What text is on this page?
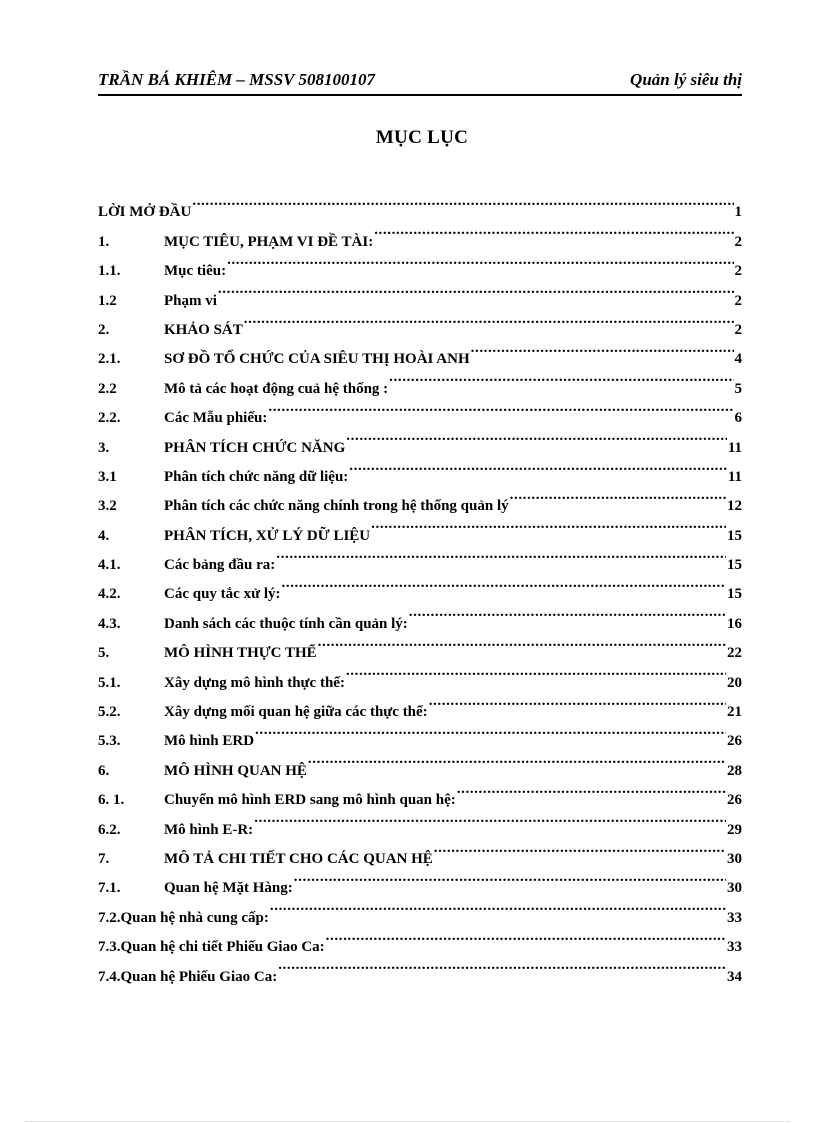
TRẦN BÁ KHIÊM – MSSV 508100107	Quản lý siêu thị
MỤC LỤC
LỜI MỞ ĐẦU .....	1
1.	MỤC TIÊU, PHẠM VI ĐỀ TÀI: .....	2
1.1.	Mục tiêu: .....	2
1.2	Phạm vi .....	2
2.	KHẢO SÁT .....	2
2.1.	SƠ ĐỒ TỔ CHỨC CỦA SIÊU THỊ HOÀI ANH .....	4
2.2	Mô tả các hoạt động cuả hệ thống : .....	5
2.2.	Các Mẫu phiếu: .....	6
3.	PHÂN TÍCH CHỨC NĂNG .....	11
3.1	Phân tích chức năng dữ liệu: .....	11
3.2	Phân tích các chức năng chính trong hệ thống quản lý .....	12
4.	PHÂN TÍCH, XỬ LÝ DỮ LIỆU .....	15
4.1.	Các bảng đầu ra: .....	15
4.2.	Các quy tắc xử lý: .....	15
4.3.	Danh sách các thuộc tính cần quản lý: .....	16
5.	MÔ HÌNH THỰC THỂ .....	22
5.1.	Xây dựng mô hình thực thể: .....	20
5.2.	Xây dựng mối quan hệ giữa các thực thể: .....	21
5.3.	Mô hình ERD .....	26
6.	MÔ HÌNH QUAN HỆ .....	28
6. 1.	Chuyển mô hình ERD sang mô hình quan hệ: .....	26
6.2.	Mô hình E-R: .....	29
7.	MÔ TẢ CHI TIẾT CHO CÁC QUAN HỆ .....	30
7.1.	Quan hệ Mặt Hàng: .....	30
7.2.Quan hệ nhà cung cấp: .....	33
7.3.Quan hệ chi tiết Phiếu Giao Ca: .....	33
7.4.Quan hệ Phiếu Giao Ca: .....	34
